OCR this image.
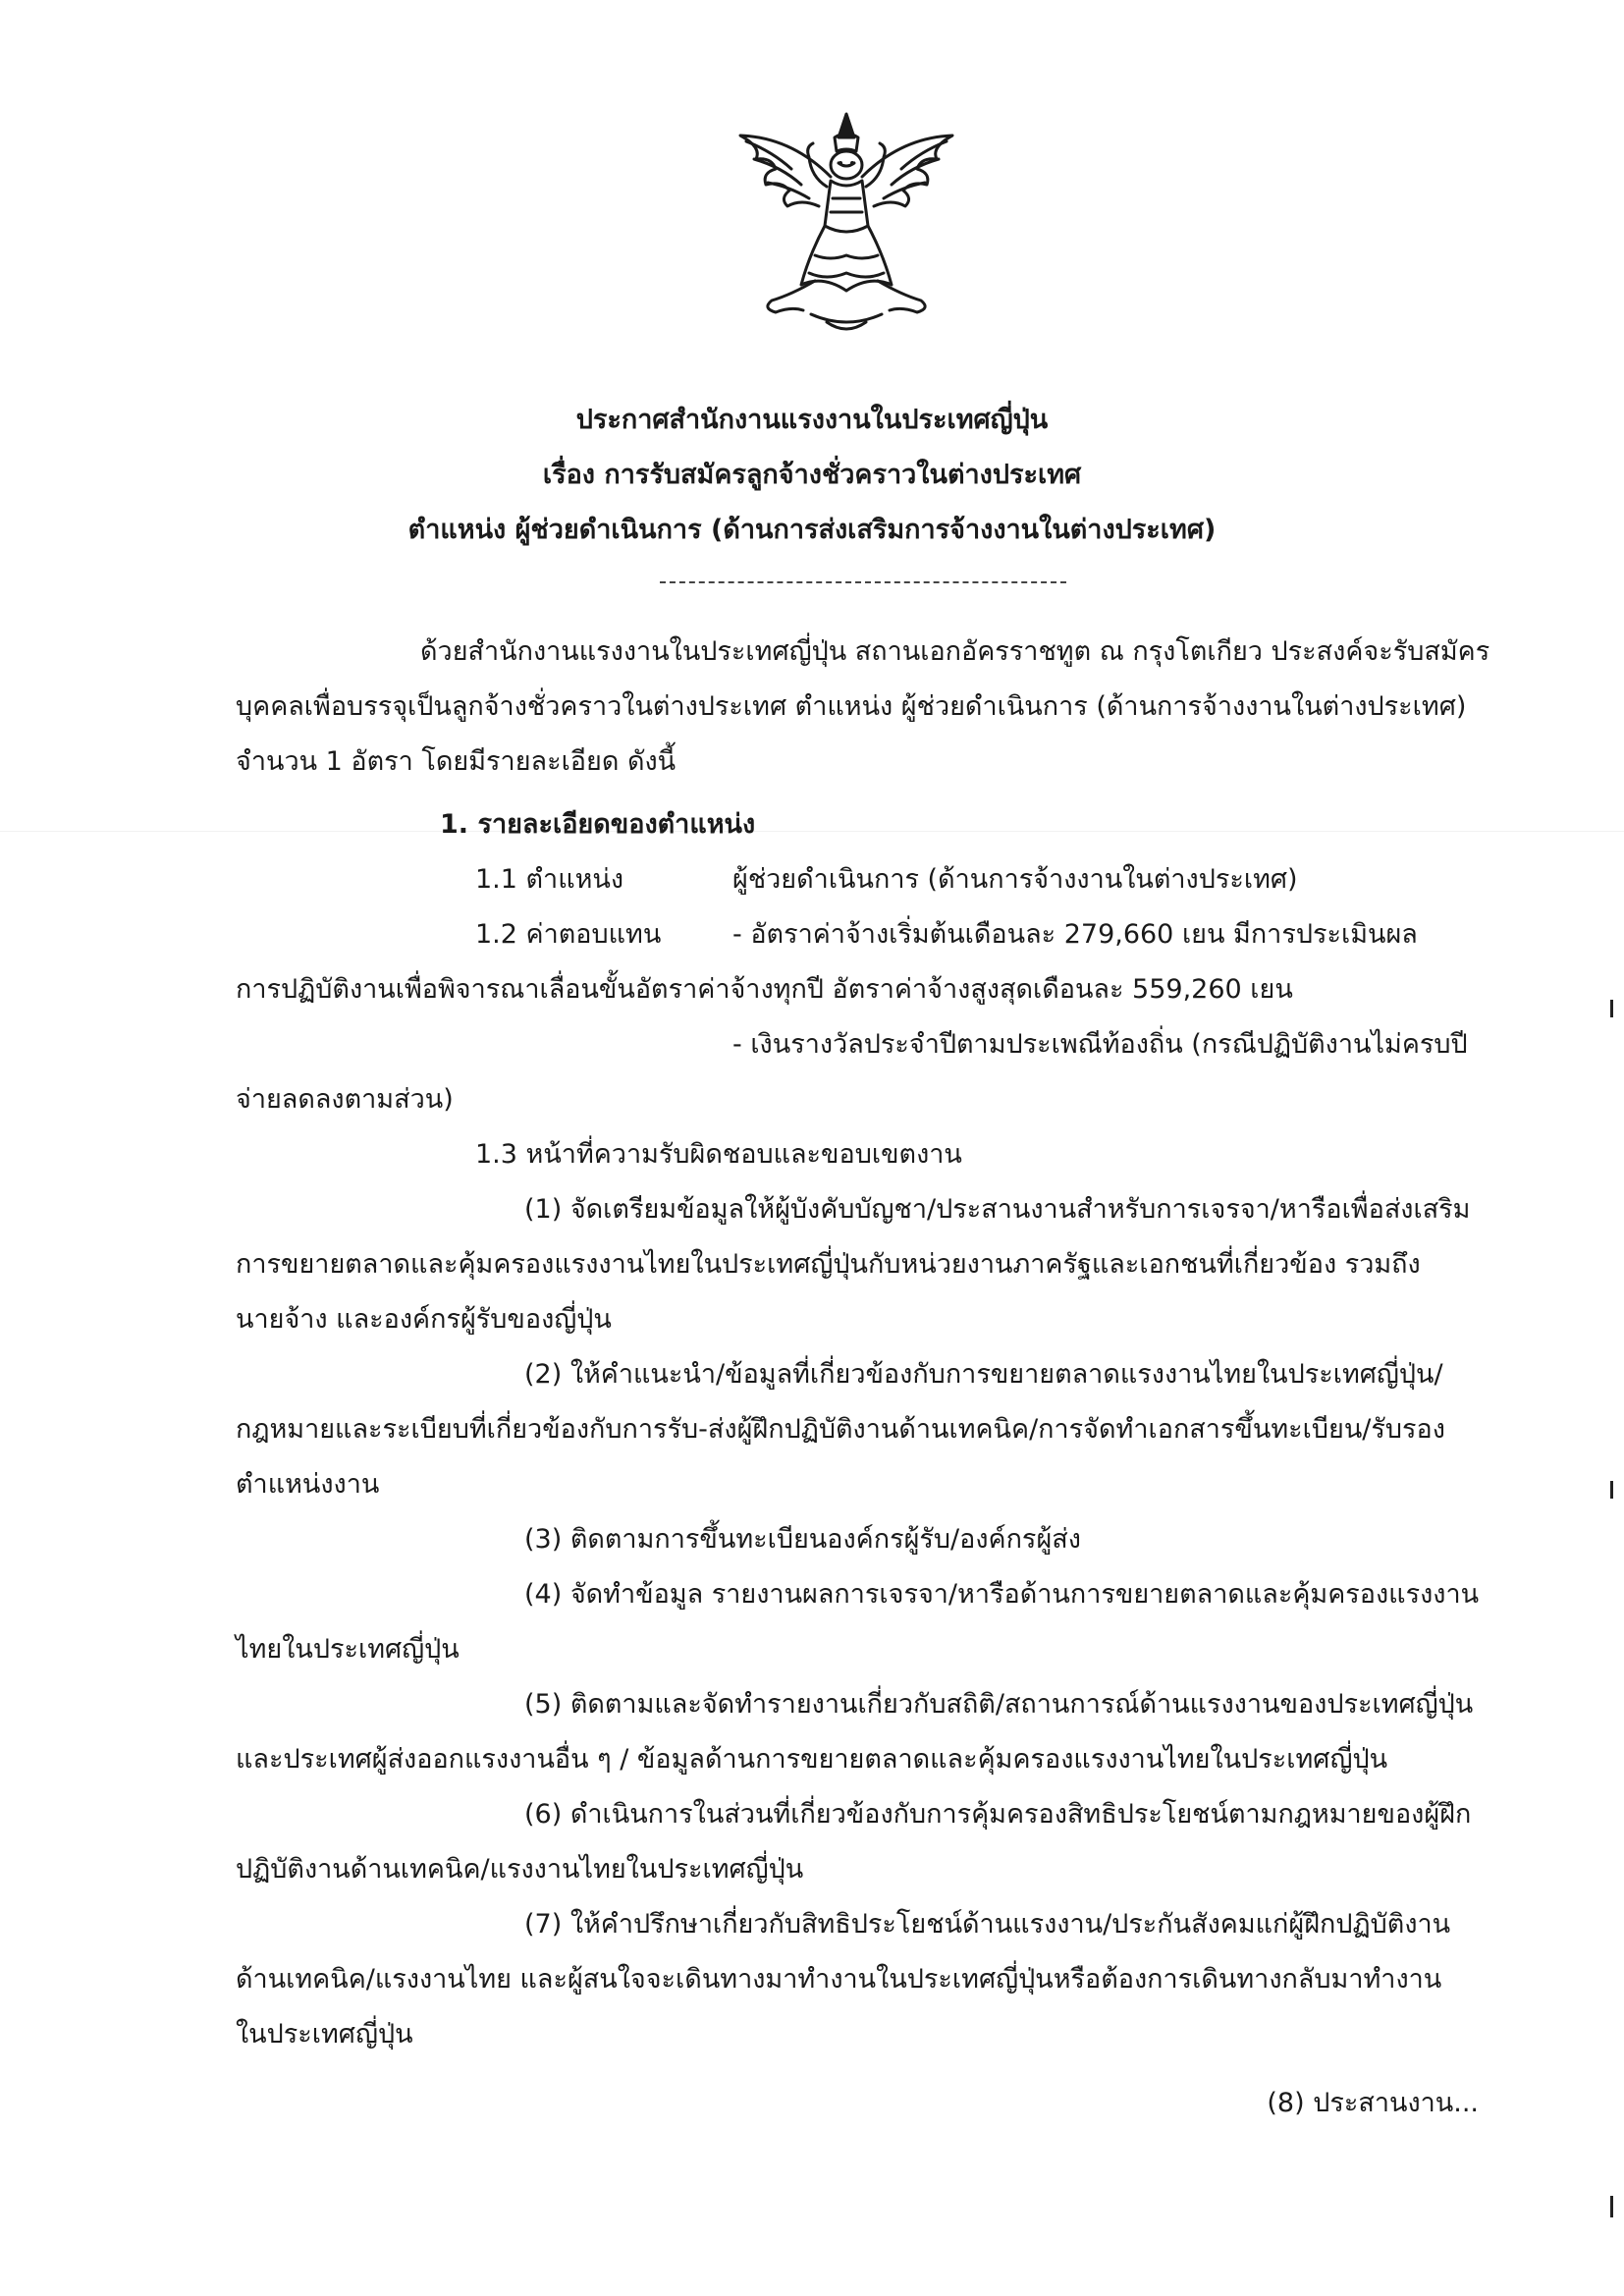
ประกาศสำนักงานแรงงานในประเทศญี่ปุ่น
เรื่อง การรับสมัครลูกจ้างชั่วคราวในต่างประเทศ
ตำแหน่ง ผู้ช่วยดำเนินการ (ด้านการส่งเสริมการจ้างงานในต่างประเทศ)
ด้วยสำนักงานแรงงานในประเทศญี่ปุ่น สถานเอกอัครราชทูต ณ กรุงโตเกียว ประสงค์จะรับสมัคร
บุคคลเพื่อบรรจุเป็นลูกจ้างชั่วคราวในต่างประเทศ ตำแหน่ง ผู้ช่วยดำเนินการ (ด้านการจ้างงานในต่างประเทศ)
จำนวน 1 อัตรา โดยมีรายละเอียด ดังนี้
1. รายละเอียดของตำแหน่ง
1.1 ตำแหน่ง	ผู้ช่วยดำเนินการ (ด้านการจ้างงานในต่างประเทศ)
1.2 ค่าตอบแทน	- อัตราค่าจ้างเริ่มต้นเดือนละ 279,660 เยน มีการประเมินผล
การปฏิบัติงานเพื่อพิจารณาเลื่อนขั้นอัตราค่าจ้างทุกปี อัตราค่าจ้างสูงสุดเดือนละ 559,260 เยน
- เงินรางวัลประจำปีตามประเพณีท้องถิ่น (กรณีปฏิบัติงานไม่ครบปี
จ่ายลดลงตามส่วน)
1.3 หน้าที่ความรับผิดชอบและขอบเขตงาน
(1) จัดเตรียมข้อมูลให้ผู้บังคับบัญชา/ประสานงานสำหรับการเจรจา/หารือเพื่อส่งเสริม
การขยายตลาดและคุ้มครองแรงงานไทยในประเทศญี่ปุ่นกับหน่วยงานภาครัฐและเอกชนที่เกี่ยวข้อง รวมถึง
นายจ้าง และองค์กรผู้รับของญี่ปุ่น
(2) ให้คำแนะนำ/ข้อมูลที่เกี่ยวข้องกับการขยายตลาดแรงงานไทยในประเทศญี่ปุ่น/
กฎหมายและระเบียบที่เกี่ยวข้องกับการรับ-ส่งผู้ฝึกปฏิบัติงานด้านเทคนิค/การจัดทำเอกสารขึ้นทะเบียน/รับรอง
ตำแหน่งงาน
(3) ติดตามการขึ้นทะเบียนองค์กรผู้รับ/องค์กรผู้ส่ง
(4) จัดทำข้อมูล รายงานผลการเจรจา/หารือด้านการขยายตลาดและคุ้มครองแรงงาน
ไทยในประเทศญี่ปุ่น
(5) ติดตามและจัดทำรายงานเกี่ยวกับสถิติ/สถานการณ์ด้านแรงงานของประเทศญี่ปุ่น
และประเทศผู้ส่งออกแรงงานอื่น ๆ / ข้อมูลด้านการขยายตลาดและคุ้มครองแรงงานไทยในประเทศญี่ปุ่น
(6) ดำเนินการในส่วนที่เกี่ยวข้องกับการคุ้มครองสิทธิประโยชน์ตามกฎหมายของผู้ฝึก
ปฏิบัติงานด้านเทคนิค/แรงงานไทยในประเทศญี่ปุ่น
(7) ให้คำปรึกษาเกี่ยวกับสิทธิประโยชน์ด้านแรงงาน/ประกันสังคมแก่ผู้ฝึกปฏิบัติงาน
ด้านเทคนิค/แรงงานไทย และผู้สนใจจะเดินทางมาทำงานในประเทศญี่ปุ่นหรือต้องการเดินทางกลับมาทำงาน
ในประเทศญี่ปุ่น
(8) ประสานงาน...
